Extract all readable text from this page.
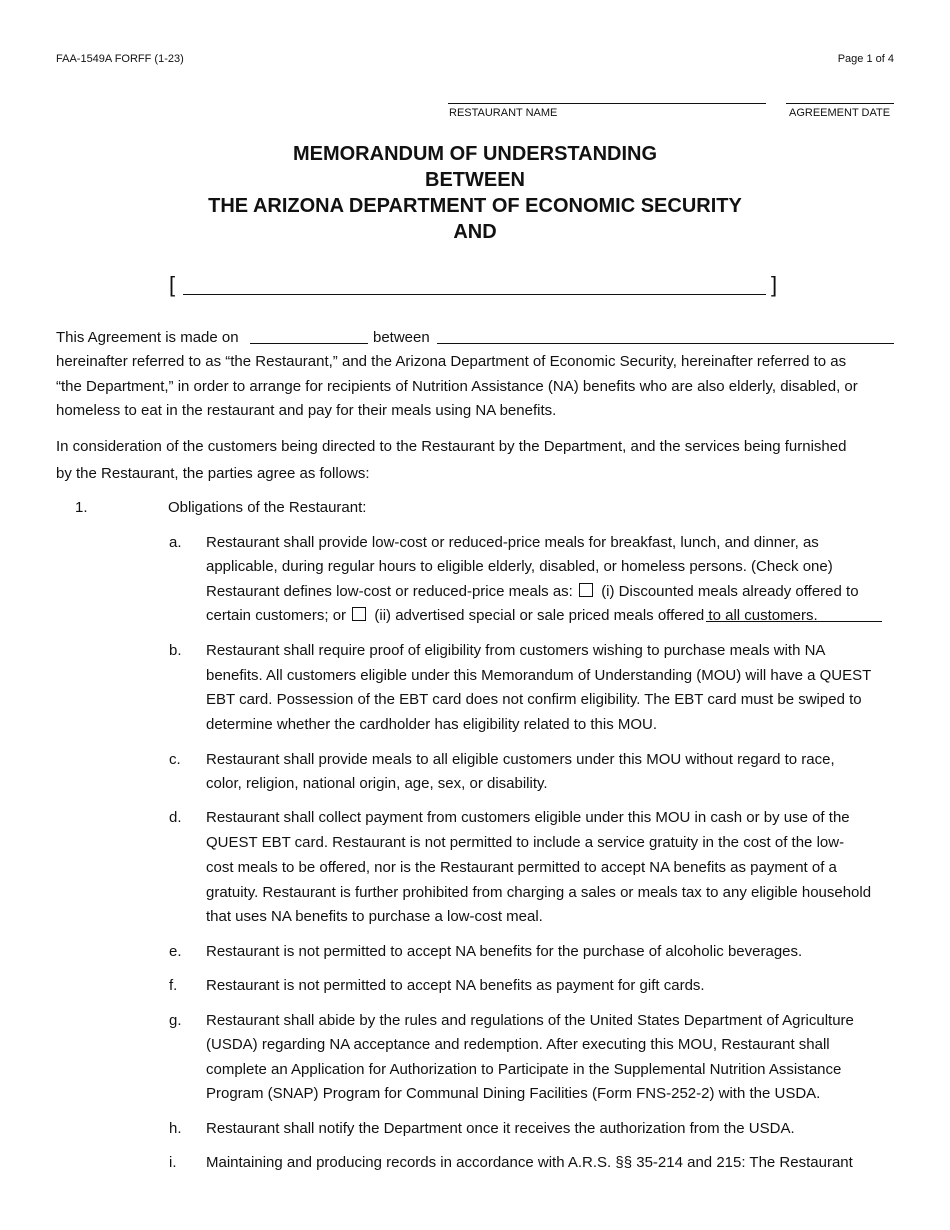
FAA-1549A FORFF (1-23)	Page 1 of 4
RESTAURANT NAME	AGREEMENT DATE
MEMORANDUM OF UNDERSTANDING
BETWEEN
THE ARIZONA DEPARTMENT OF ECONOMIC SECURITY
AND
[	]
This Agreement is made on	between
hereinafter referred to as “the Restaurant,” and the Arizona Department of Economic Security, hereinafter referred to as
“the Department,” in order to arrange for recipients of Nutrition Assistance (NA) benefits who are also elderly, disabled, or
homeless to eat in the restaurant and pay for their meals using NA benefits.
In consideration of the customers being directed to the Restaurant by the Department, and the services being furnished
by the Restaurant, the parties agree as follows:
1.	Obligations of the Restaurant:
a. Restaurant shall provide low-cost or reduced-price meals for breakfast, lunch, and dinner, as
applicable, during regular hours to eligible elderly, disabled, or homeless persons. (Check one)
Restaurant defines low-cost or reduced-price meals as: (i) Discounted meals already offered to
certain customers; or (ii) advertised special or sale priced meals offered to all customers.
b. Restaurant shall require proof of eligibility from customers wishing to purchase meals with NA
benefits. All customers eligible under this Memorandum of Understanding (MOU) will have a QUEST
EBT card. Possession of the EBT card does not confirm eligibility. The EBT card must be swiped to
determine whether the cardholder has eligibility related to this MOU.
c. Restaurant shall provide meals to all eligible customers under this MOU without regard to race,
color, religion, national origin, age, sex, or disability.
d. Restaurant shall collect payment from customers eligible under this MOU in cash or by use of the
QUEST EBT card. Restaurant is not permitted to include a service gratuity in the cost of the low-
cost meals to be offered, nor is the Restaurant permitted to accept NA benefits as payment of a
gratuity. Restaurant is further prohibited from charging a sales or meals tax to any eligible household
that uses NA benefits to purchase a low-cost meal.
e. Restaurant is not permitted to accept NA benefits for the purchase of alcoholic beverages.
f. Restaurant is not permitted to accept NA benefits as payment for gift cards.
g. Restaurant shall abide by the rules and regulations of the United States Department of Agriculture
(USDA) regarding NA acceptance and redemption. After executing this MOU, Restaurant shall
complete an Application for Authorization to Participate in the Supplemental Nutrition Assistance
Program (SNAP) Program for Communal Dining Facilities (Form FNS-252-2) with the USDA.
h. Restaurant shall notify the Department once it receives the authorization from the USDA.
i. Maintaining and producing records in accordance with A.R.S. §§ 35-214 and 215: The Restaurant
